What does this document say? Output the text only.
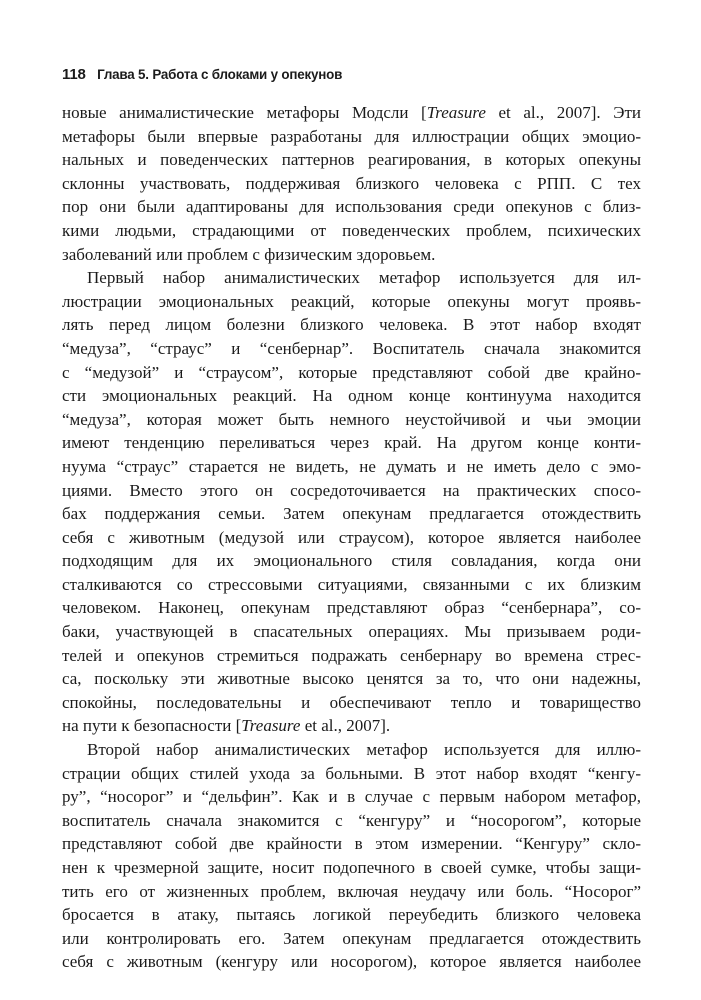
118 Глава 5. Работа с блоками у опекунов
новые анималистические метафоры Модсли [Treasure et al., 2007]. Эти
метафоры были впервые разработаны для иллюстрации общих эмоцио-
нальных и поведенческих паттернов реагирования, в которых опекуны
склонны участвовать, поддерживая близкого человека с РПП. С тех
пор они были адаптированы для использования среди опекунов с близ-
кими людьми, страдающими от поведенческих проблем, психических
заболеваний или проблем с физическим здоровьем.
Первый набор анималистических метафор используется для ил-
люстрации эмоциональных реакций, которые опекуны могут проявь-
лять перед лицом болезни близкого человека. В этот набор входят
“медуза”, “страус” и “сенбернар”. Воспитатель сначала знакомится
с “медузой” и “страусом”, которые представляют собой две крайно-
сти эмоциональных реакций. На одном конце континуума находится
“медуза”, которая может быть немного неустойчивой и чьи эмоции
имеют тенденцию переливаться через край. На другом конце конти-
нуума “страус” старается не видеть, не думать и не иметь дело с эмо-
циями. Вместо этого он сосредоточивается на практических спосо-
бах поддержания семьи. Затем опекунам предлагается отождествить
себя с животным (медузой или страусом), которое является наиболее
подходящим для их эмоционального стиля совладания, когда они
сталкиваются со стрессовыми ситуациями, связанными с их близким
человеком. Наконец, опекунам представляют образ “сенбернара”, со-
баки, участвующей в спасательных операциях. Мы призываем роди-
телей и опекунов стремиться подражать сенбернару во времена стрес-
са, поскольку эти животные высоко ценятся за то, что они надежны,
спокойны, последовательны и обеспечивают тепло и товарищество
на пути к безопасности [Treasure et al., 2007].
Второй набор анималистических метафор используется для иллю-
страции общих стилей ухода за больными. В этот набор входят “кенгу-
ру”, “носорог” и “дельфин”. Как и в случае с первым набором метафор,
воспитатель сначала знакомится с “кенгуру” и “носорогом”, которые
представляют собой две крайности в этом измерении. “Кенгуру” скло-
нен к чрезмерной защите, носит подопечного в своей сумке, чтобы защи-
тить его от жизненных проблем, включая неудачу или боль. “Носорог”
бросается в атаку, пытаясь логикой переубедить близкого человека
или контролировать его. Затем опекунам предлагается отождествить
себя с животным (кенгуру или носорогом), которое является наиболее
